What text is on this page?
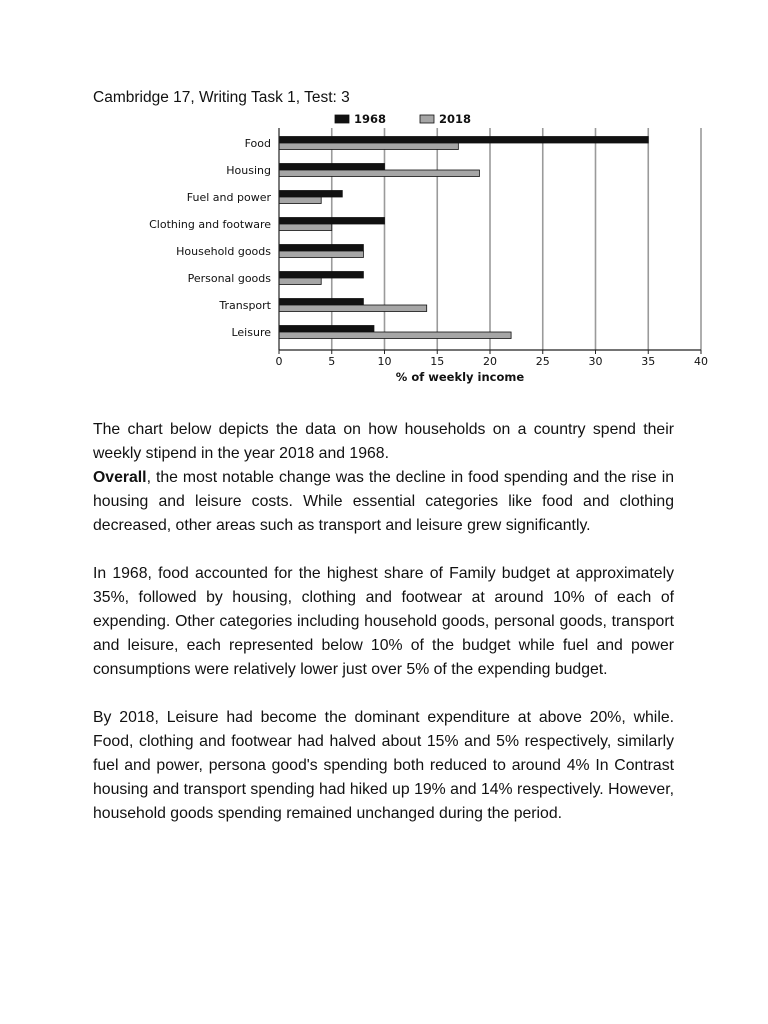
Cambridge 17, Writing Task 1, Test: 3

1968	2018
Food
Housing
Fuel and power
Clothing and footware
Household goods
Personal goods
Transport
Leisure
0	5	10	15	20	25	30	35	40
% of weekly income

The chart below depicts the data on how households on a country spend their weekly stipend in the year 2018 and 1968.

Overall, the most notable change was the decline in food spending and the rise in housing and leisure costs. While essential categories like food and clothing decreased, other areas such as transport and leisure grew significantly.

In 1968, food accounted for the highest share of Family budget at approximately 35%, followed by housing, clothing and footwear at around 10% of each of expending. Other categories including household goods, personal goods, transport and leisure, each represented below 10% of the budget while fuel and power consumptions were relatively lower just over 5% of the expending budget.

By 2018, Leisure had become the dominant expenditure at above 20%, while. Food, clothing and footwear had halved about 15% and 5% respectively, similarly fuel and power, persona good's spending both reduced to around 4% In Contrast housing and transport spending had hiked up 19% and 14% respectively. However, household goods spending remained unchanged during the period.
